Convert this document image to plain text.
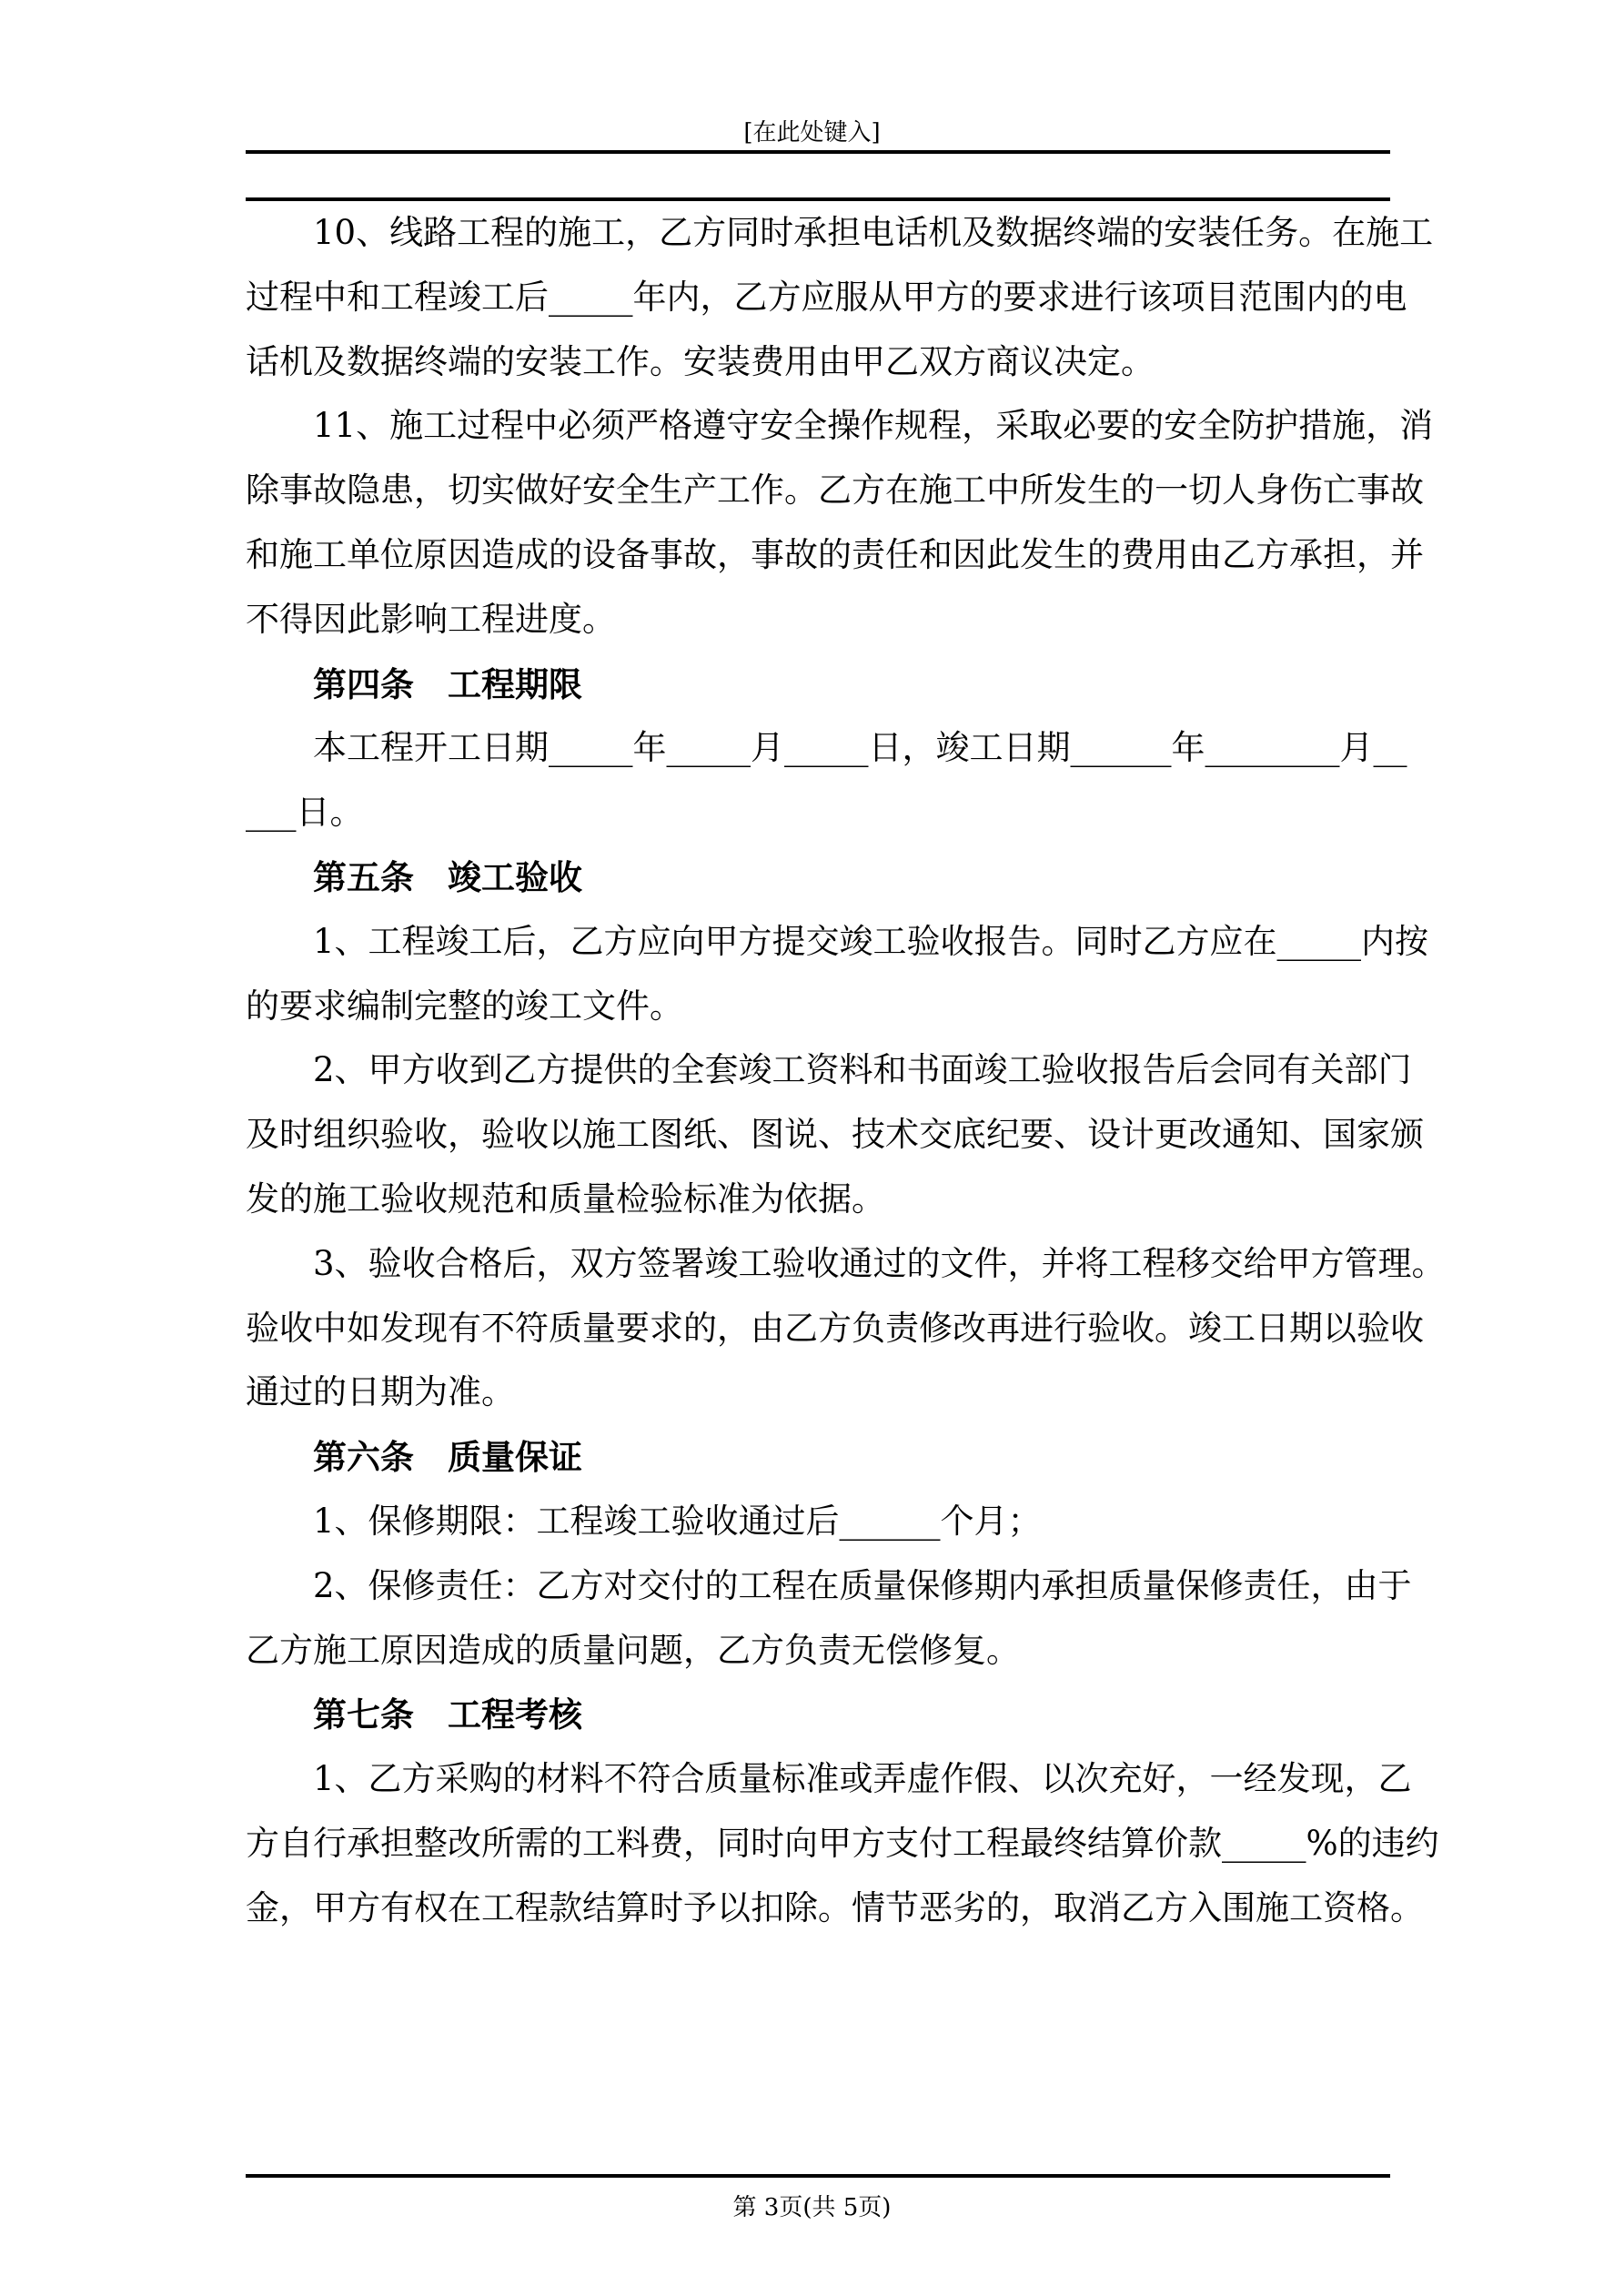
[在此处键入]
10、线路工程的施工，乙方同时承担电话机及数据终端的安装任务。在施工
过程中和工程竣工后_____年内，乙方应服从甲方的要求进行该项目范围内的电
话机及数据终端的安装工作。安装费用由甲乙双方商议决定。
11、施工过程中必须严格遵守安全操作规程，采取必要的安全防护措施，消
除事故隐患，切实做好安全生产工作。乙方在施工中所发生的一切人身伤亡事故
和施工单位原因造成的设备事故，事故的责任和因此发生的费用由乙方承担，并
不得因此影响工程进度。
第四条　工程期限
本工程开工日期_____年_____月_____日，竣工日期______年________月__
___日。
第五条　竣工验收
1、工程竣工后，乙方应向甲方提交竣工验收报告。同时乙方应在_____内按
的要求编制完整的竣工文件。
2、甲方收到乙方提供的全套竣工资料和书面竣工验收报告后会同有关部门
及时组织验收，验收以施工图纸、图说、技术交底纪要、设计更改通知、国家颁
发的施工验收规范和质量检验标准为依据。
3、验收合格后，双方签署竣工验收通过的文件，并将工程移交给甲方管理。
验收中如发现有不符质量要求的，由乙方负责修改再进行验收。竣工日期以验收
通过的日期为准。
第六条　质量保证
1、保修期限：工程竣工验收通过后______个月；
2、保修责任：乙方对交付的工程在质量保修期内承担质量保修责任，由于
乙方施工原因造成的质量问题，乙方负责无偿修复。
第七条　工程考核
1、乙方采购的材料不符合质量标准或弄虚作假、以次充好，一经发现，乙
方自行承担整改所需的工料费，同时向甲方支付工程最终结算价款_____%的违约
金，甲方有权在工程款结算时予以扣除。情节恶劣的，取消乙方入围施工资格。
第 3页(共 5页)
